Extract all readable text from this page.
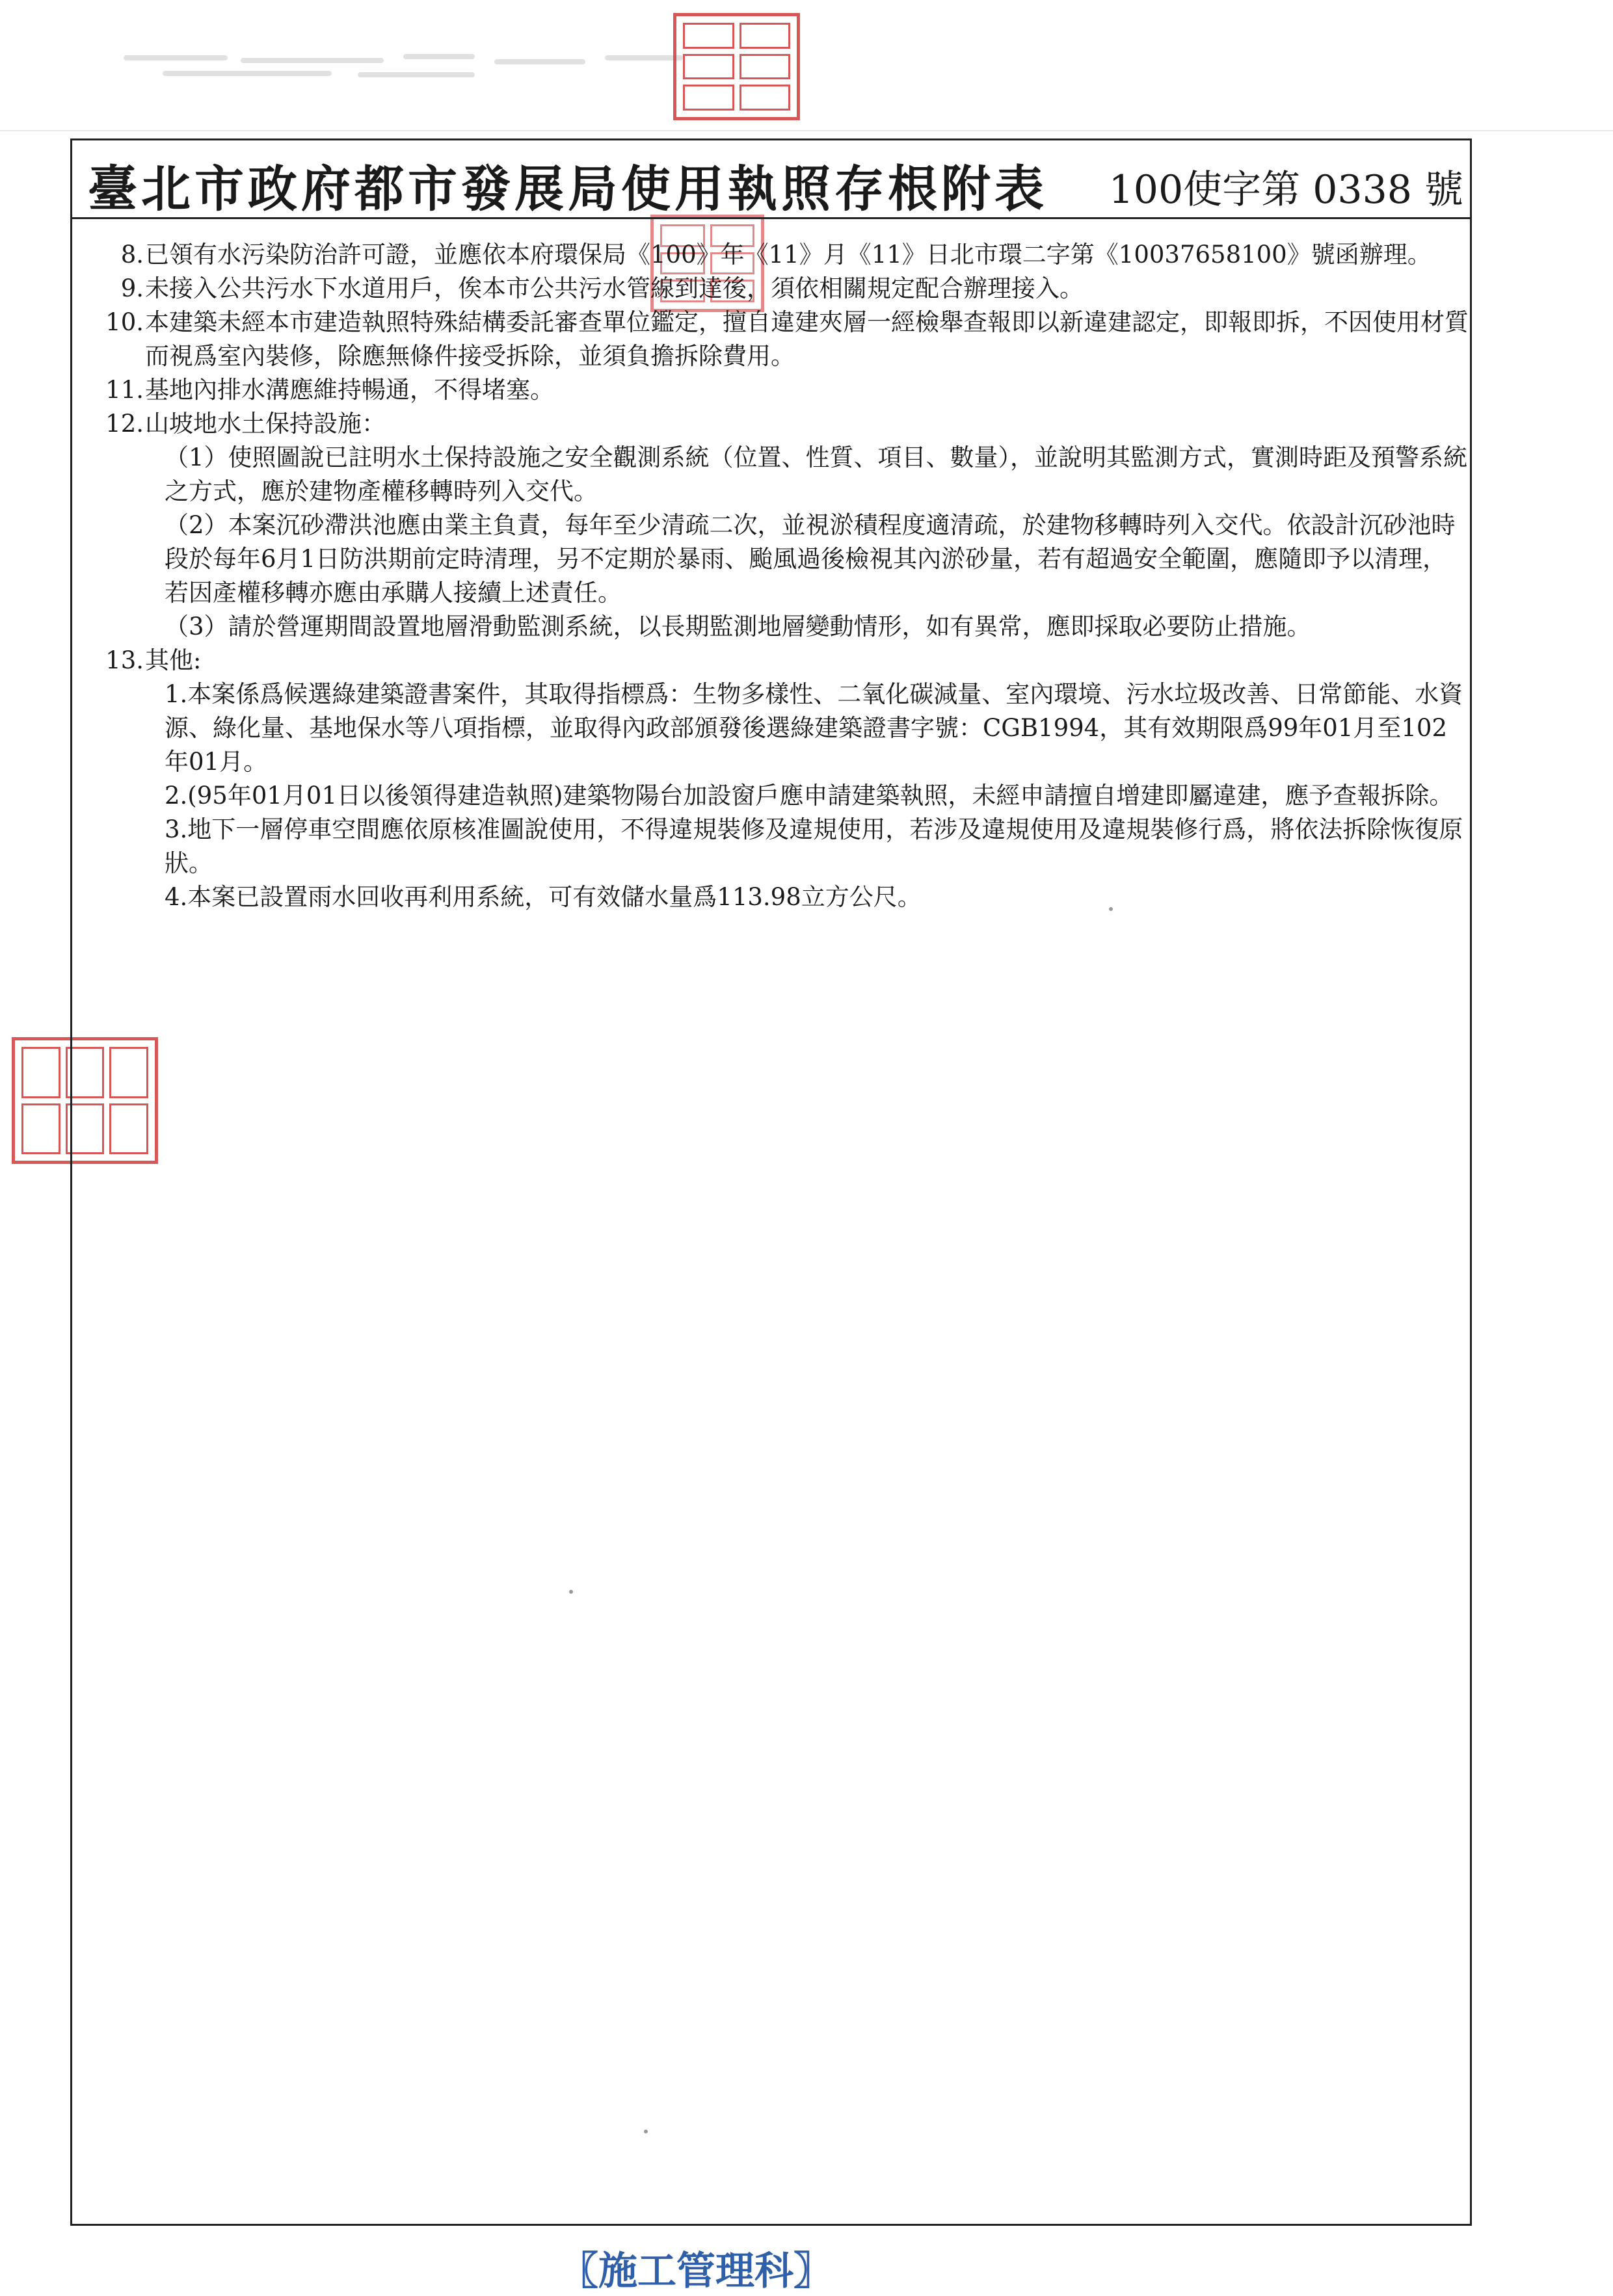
臺北市政府都市發展局使用執照存根附表 100使字第 0338 號
8. 已領有水污染防治許可證，並應依本府環保局《100》年《11》月《11》日北市環二字第《10037658100》號函辦理。
9. 未接入公共污水下水道用戶，俟本市公共污水管線到達後，須依相關規定配合辦理接入。
10. 本建築未經本市建造執照特殊結構委託審查單位鑑定，擅自違建夾層一經檢舉查報即以新違建認定，即報即拆，不因使用材質而視爲室內裝修，除應無條件接受拆除，並須負擔拆除費用。
11. 基地內排水溝應維持暢通，不得堵塞。
12. 山坡地水土保持設施：
（1）使照圖說已註明水土保持設施之安全觀測系統（位置、性質、項目、數量），並說明其監測方式，實測時距及預警系統之方式，應於建物產權移轉時列入交代。
（2）本案沉砂滯洪池應由業主負責，每年至少清疏二次，並視淤積程度適清疏，於建物移轉時列入交代。依設計沉砂池時段於每年6月1日防洪期前定時清理，另不定期於暴雨、颱風過後檢視其內淤砂量，若有超過安全範圍，應隨即予以清理，若因產權移轉亦應由承購人接續上述責任。
（3）請於營運期間設置地層滑動監測系統，以長期監測地層變動情形，如有異常，應即採取必要防止措施。
13. 其他:
1.本案係爲候選綠建築證書案件，其取得指標爲：生物多樣性、二氧化碳減量、室內環境、污水垃圾改善、日常節能、水資源、綠化量、基地保水等八項指標，並取得內政部頒發後選綠建築證書字號：CGB1994，其有效期限爲99年01月至102年01月。
2.(95年01月01日以後領得建造執照)建築物陽台加設窗戶應申請建築執照，未經申請擅自增建即屬違建，應予查報拆除。
3.地下一層停車空間應依原核准圖說使用，不得違規裝修及違規使用，若涉及違規使用及違規裝修行爲，將依法拆除恢復原狀。
4.本案已設置雨水回收再利用系統，可有效儲水量爲113.98立方公尺。
〖施工管理科〗
